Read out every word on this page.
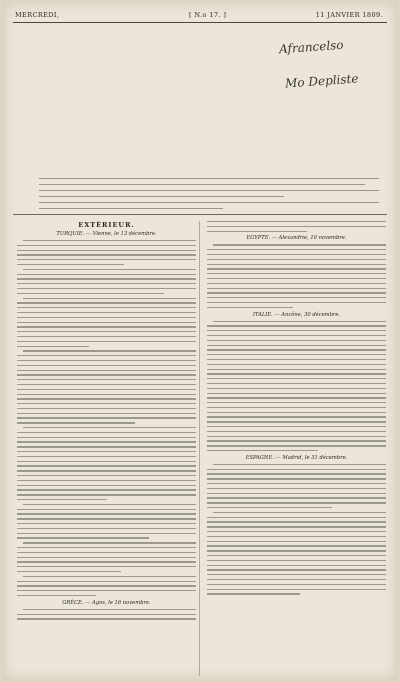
MERCREDI,	[ N.o 17. ]	11 JANVIER 1809.
Afrancelso
Mo Depliste
EXTÉRIEUR.
TURQUIE. — Vienne, le 13 décembre.
GRÈCE. — Agos, le 16 novembre.
EGYPTE. — Alexandrie, 10 novembre.
ITALIE. — Ancône, 30 décembre.
ESPAGNE. — Madrid, le 31 décembre.
